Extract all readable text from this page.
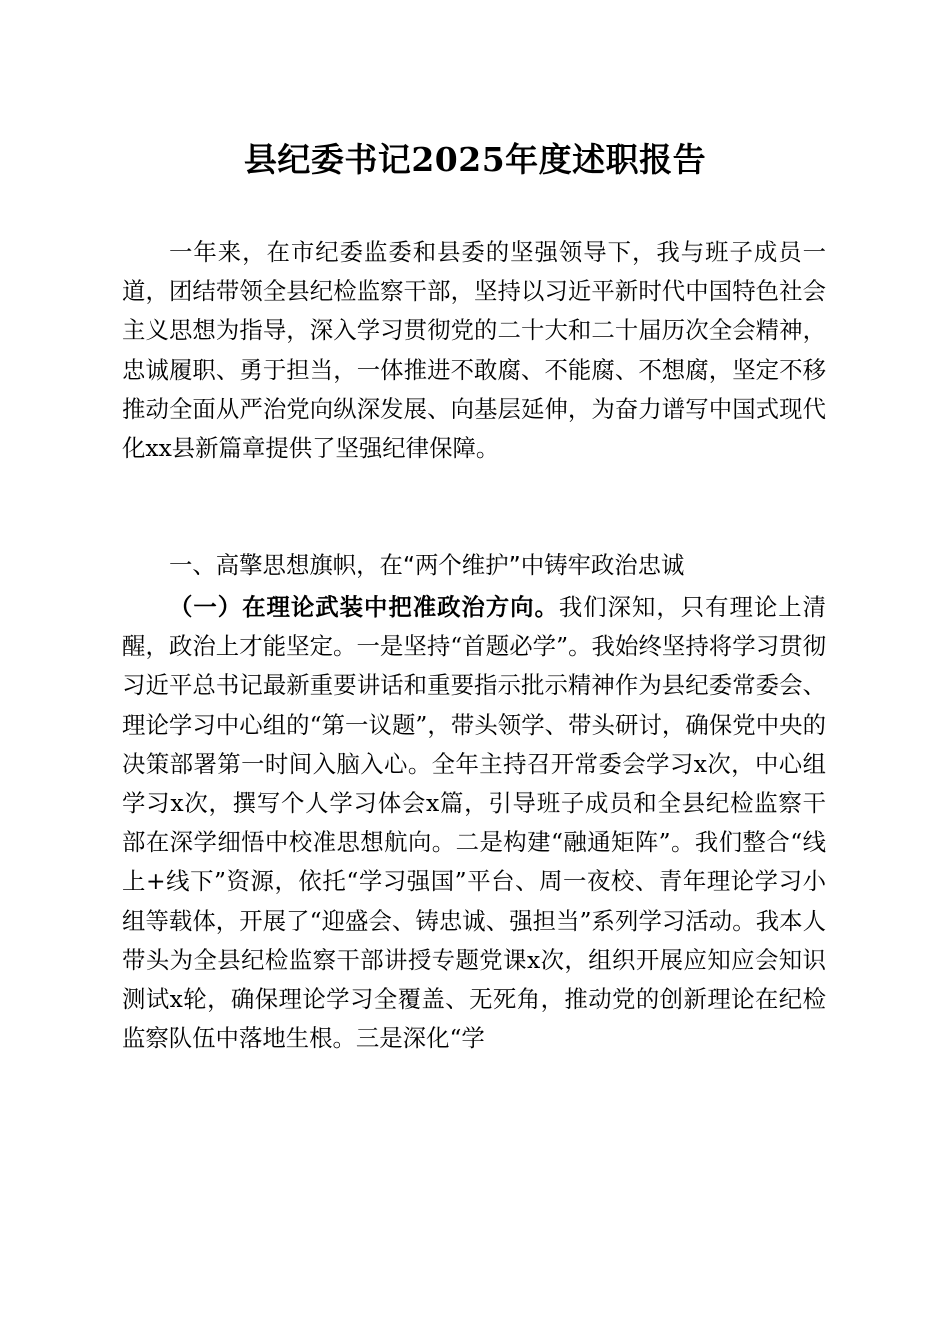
县纪委书记2025年度述职报告
一年来，在市纪委监委和县委的坚强领导下，我与班子成员一道，团结带领全县纪检监察干部，坚持以习近平新时代中国特色社会主义思想为指导，深入学习贯彻党的二十大和二十届历次全会精神，忠诚履职、勇于担当，一体推进不敢腐、不能腐、不想腐，坚定不移推动全面从严治党向纵深发展、向基层延伸，为奋力谱写中国式现代化xx县新篇章提供了坚强纪律保障。
一、高擎思想旗帜，在“两个维护”中铸牢政治忠诚
（一）在理论武装中把准政治方向。我们深知，只有理论上清醒，政治上才能坚定。一是坚持“首题必学”。我始终坚持将学习贯彻习近平总书记最新重要讲话和重要指示批示精神作为县纪委常委会、理论学习中心组的“第一议题”，带头领学、带头研讨，确保党中央的决策部署第一时间入脑入心。全年主持召开常委会学习x次，中心组学习x次，撰写个人学习体会x篇，引导班子成员和全县纪检监察干部在深学细悟中校准思想航向。二是构建“融通矩阵”。我们整合“线上+线下”资源，依托“学习强国”平台、周一夜校、青年理论学习小组等载体，开展了“迎盛会、铸忠诚、强担当”系列学习活动。我本人带头为全县纪检监察干部讲授专题党课x次，组织开展应知应会知识测试x轮，确保理论学习全覆盖、无死角，推动党的创新理论在纪检监察队伍中落地生根。三是深化“学
